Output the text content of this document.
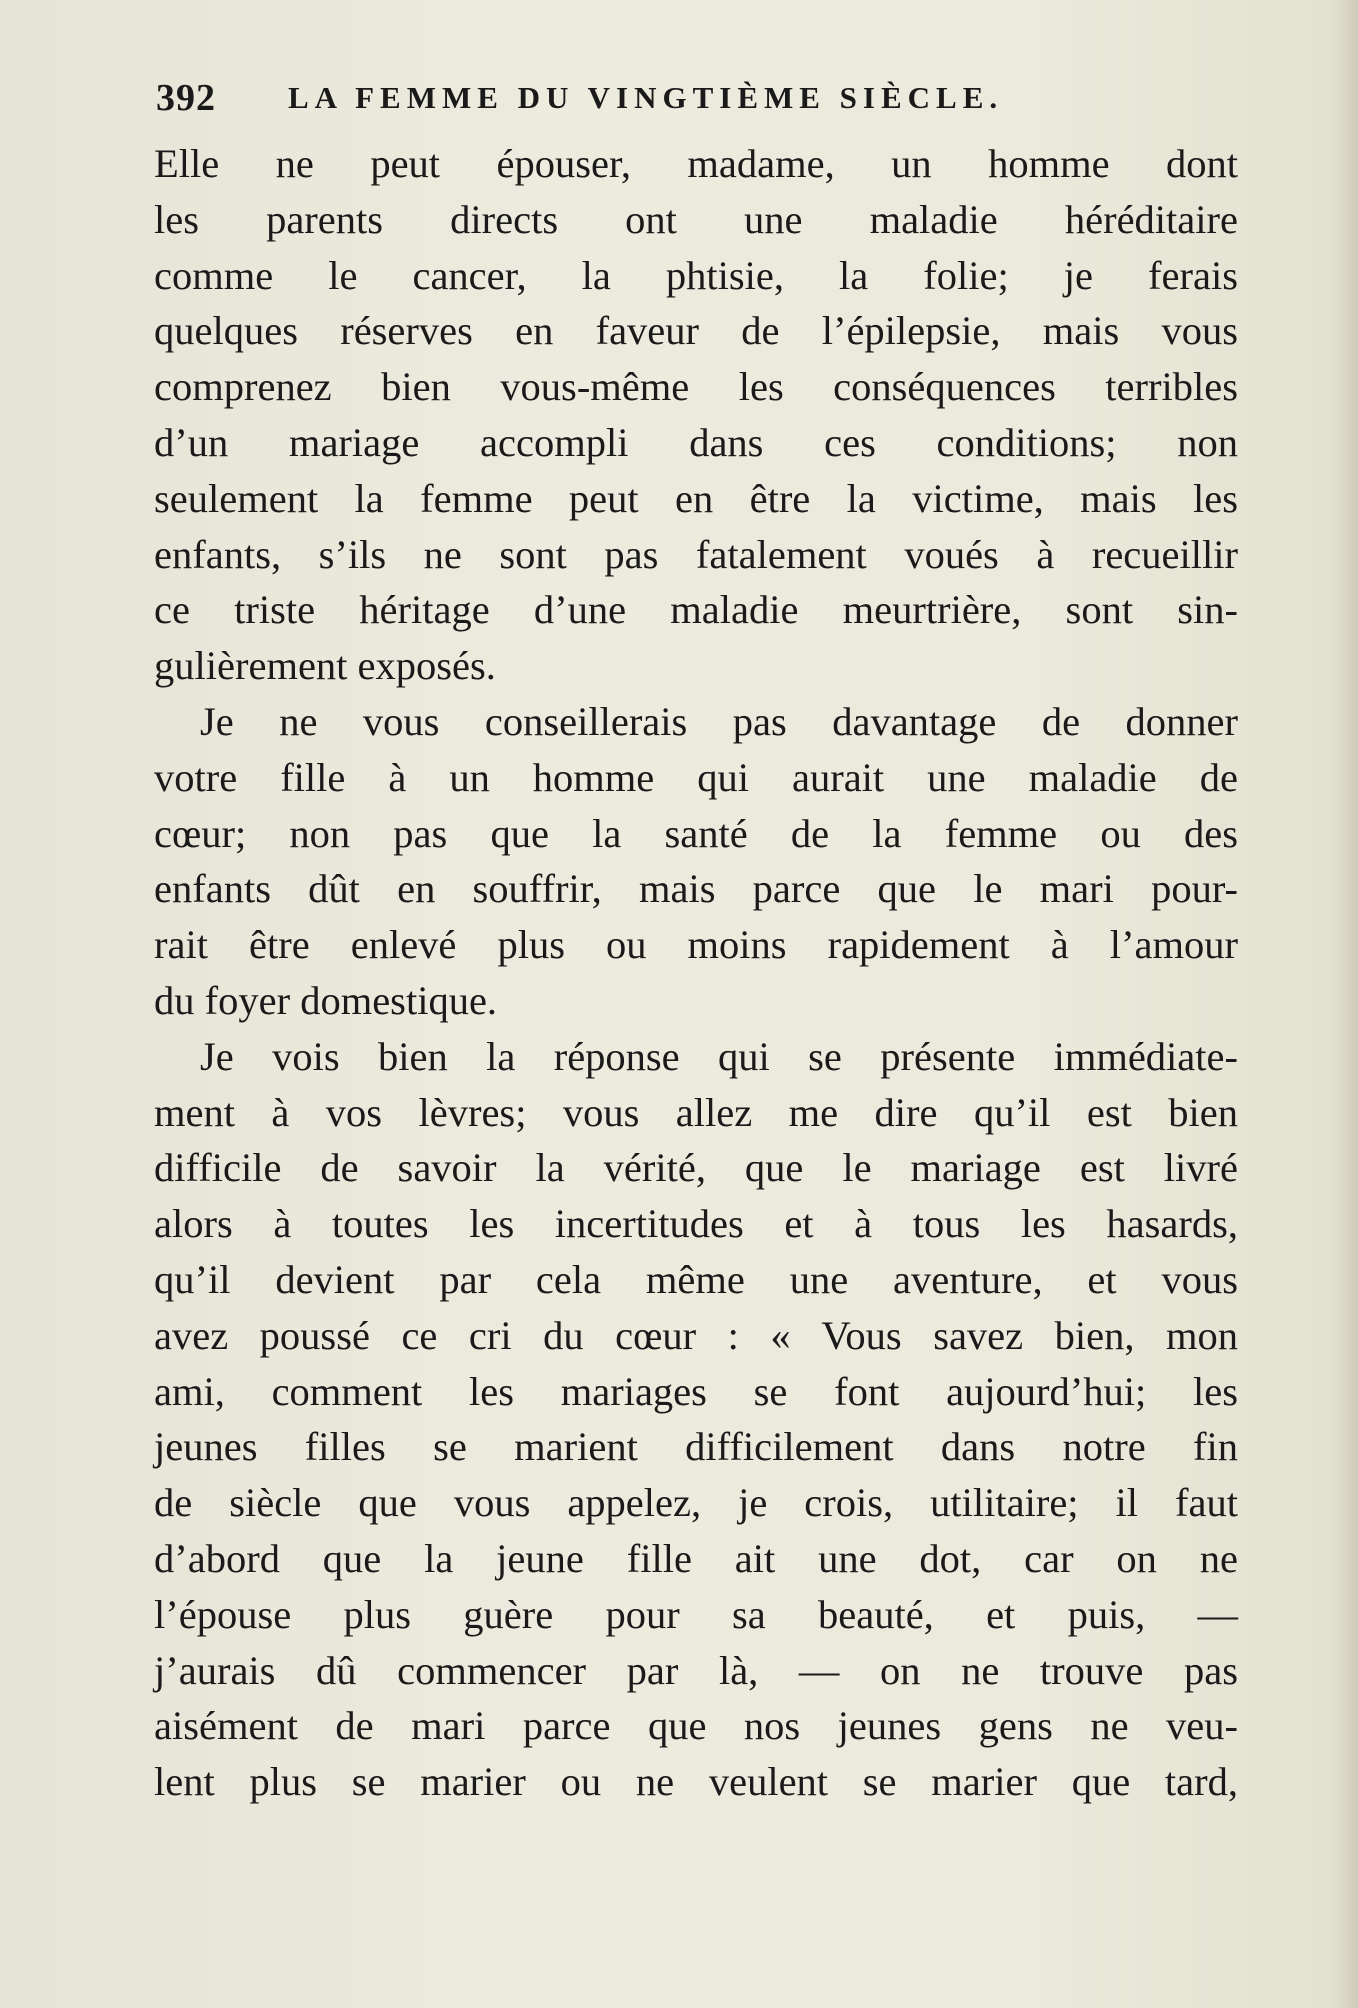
392 LA FEMME DU VINGTIÈME SIÈCLE.
Elle ne peut épouser, madame, un homme dont
les parents directs ont une maladie héréditaire
comme le cancer, la phtisie, la folie; je ferais
quelques réserves en faveur de l’épilepsie, mais vous
comprenez bien vous-même les conséquences terribles
d’un mariage accompli dans ces conditions; non
seulement la femme peut en être la victime, mais les
enfants, s’ils ne sont pas fatalement voués à recueillir
ce triste héritage d’une maladie meurtrière, sont sin-
gulièrement exposés.
Je ne vous conseillerais pas davantage de donner
votre fille à un homme qui aurait une maladie de
cœur; non pas que la santé de la femme ou des
enfants dût en souffrir, mais parce que le mari pour-
rait être enlevé plus ou moins rapidement à l’amour
du foyer domestique.
Je vois bien la réponse qui se présente immédiate-
ment à vos lèvres; vous allez me dire qu’il est bien
difficile de savoir la vérité, que le mariage est livré
alors à toutes les incertitudes et à tous les hasards,
qu’il devient par cela même une aventure, et vous
avez poussé ce cri du cœur : « Vous savez bien, mon
ami, comment les mariages se font aujourd’hui; les
jeunes filles se marient difficilement dans notre fin
de siècle que vous appelez, je crois, utilitaire; il faut
d’abord que la jeune fille ait une dot, car on ne
l’épouse plus guère pour sa beauté, et puis, —
j’aurais dû commencer par là, — on ne trouve pas
aisément de mari parce que nos jeunes gens ne veu-
lent plus se marier ou ne veulent se marier que tard,
